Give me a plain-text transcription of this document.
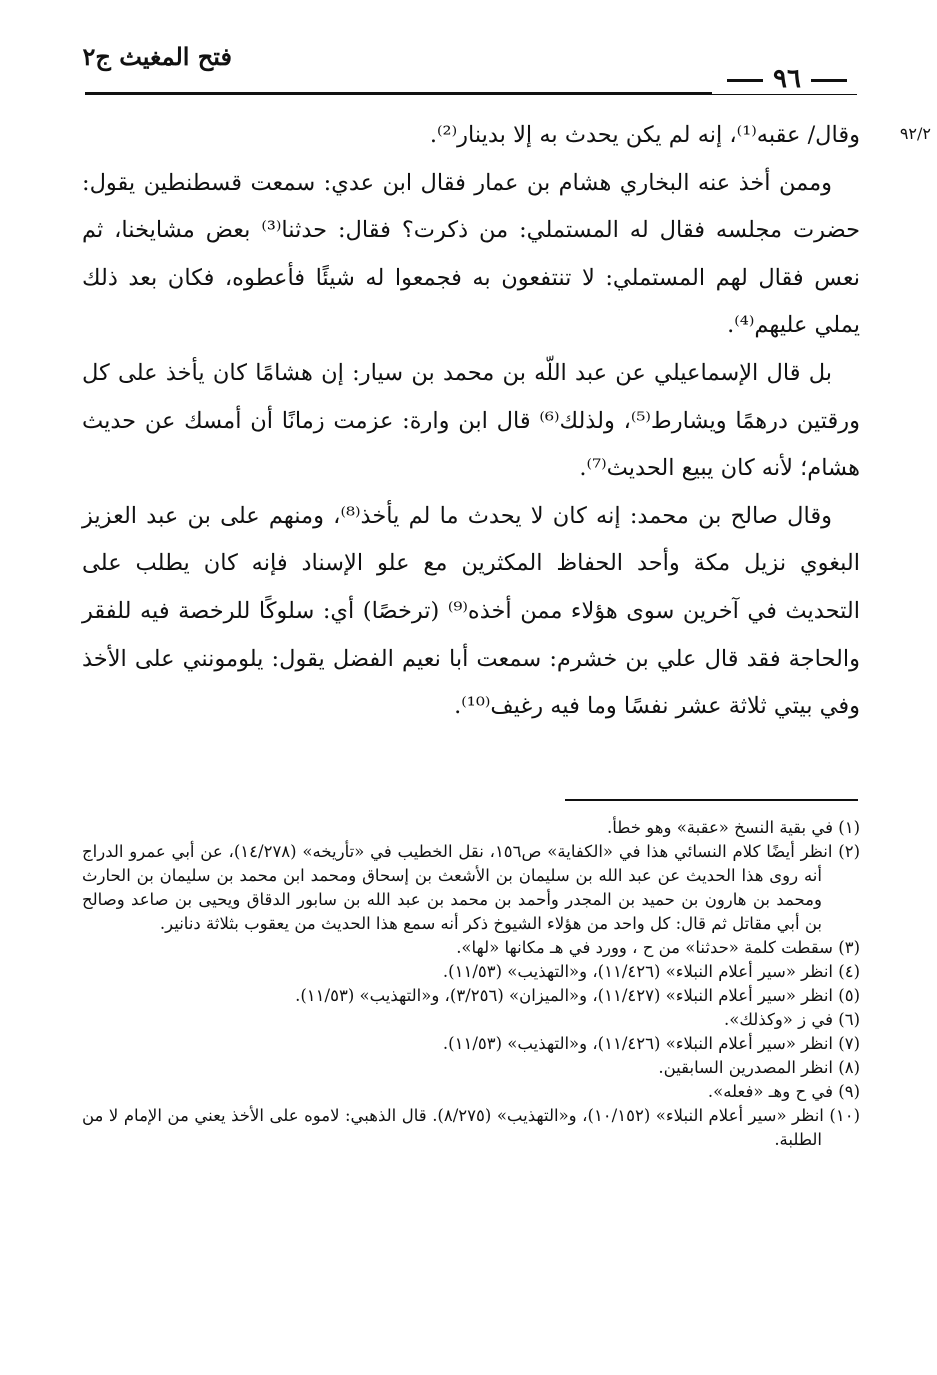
فتح المغيث ج٢
٩٦
٩٢/٢

وقال/ عقبه⁽¹⁾، إنه لم يكن يحدث به إلا بدينار⁽²⁾.

وممن أخذ عنه البخاري هشام بن عمار فقال ابن عدي: سمعت قسطنطين يقول: حضرت مجلسه فقال له المستملي: من ذكرت؟ فقال: حدثنا⁽³⁾ بعض مشايخنا، ثم نعس فقال لهم المستملي: لا تنتفعون به فجمعوا له شيئًا فأعطوه، فكان بعد ذلك يملي عليهم⁽⁴⁾.

بل قال الإسماعيلي عن عبد اللّه بن محمد بن سيار: إن هشامًا كان يأخذ على كل ورقتين درهمًا ويشارط⁽⁵⁾، ولذلك⁽⁶⁾ قال ابن وارة: عزمت زمانًا أن أمسك عن حديث هشام؛ لأنه كان يبيع الحديث⁽⁷⁾.

وقال صالح بن محمد: إنه كان لا يحدث ما لم يأخذ⁽⁸⁾، ومنهم على بن عبد العزيز البغوي نزيل مكة وأحد الحفاظ المكثرين مع علو الإسناد فإنه كان يطلب على التحديث في آخرين سوى هؤلاء ممن أخذه⁽⁹⁾ (ترخصًا) أي: سلوكًا للرخصة فيه للفقر والحاجة فقد قال علي بن خشرم: سمعت أبا نعيم الفضل يقول: يلومونني على الأخذ وفي بيتي ثلاثة عشر نفسًا وما فيه رغيف⁽¹⁰⁾.

(١) في بقية النسخ «عقبة» وهو خطأ.

(٢) انظر أيضًا كلام النسائي هذا في «الكفاية» ص١٥٦، نقل الخطيب في «تأريخه» (١٤/٢٧٨)، عن أبي عمرو الدراج أنه روى هذا الحديث عن عبد الله بن سليمان بن الأشعث بن إسحاق ومحمد ابن محمد بن سليمان بن الحارث ومحمد بن هارون بن حميد بن المجدر وأحمد بن محمد بن عبد الله بن سابور الدقاق ويحيى بن صاعد وصالح بن أبي مقاتل ثم قال: كل واحد من هؤلاء الشيوخ ذكر أنه سمع هذا الحديث من يعقوب بثلاثة دنانير.

(٣) سقطت كلمة «حدثنا» من ح ، وورد في هـ مكانها «لها».

(٤) انظر «سير أعلام النبلاء» (١١/٤٢٦)، و«التهذيب» (١١/٥٣).

(٥) انظر «سير أعلام النبلاء» (١١/٤٢٧)، و«الميزان» (٣/٢٥٦)، و«التهذيب» (١١/٥٣).

(٦) في ز «وكذلك».

(٧) انظر «سير أعلام النبلاء» (١١/٤٢٦)، و«التهذيب» (١١/٥٣).

(٨) انظر المصدرين السابقين.

(٩) في ح وهـ «فعله».

(١٠) انظر «سير أعلام النبلاء» (١٠/١٥٢)، و«التهذيب» (٨/٢٧٥). قال الذهبي: لاموه على الأخذ يعني من الإمام لا من الطلبة.
